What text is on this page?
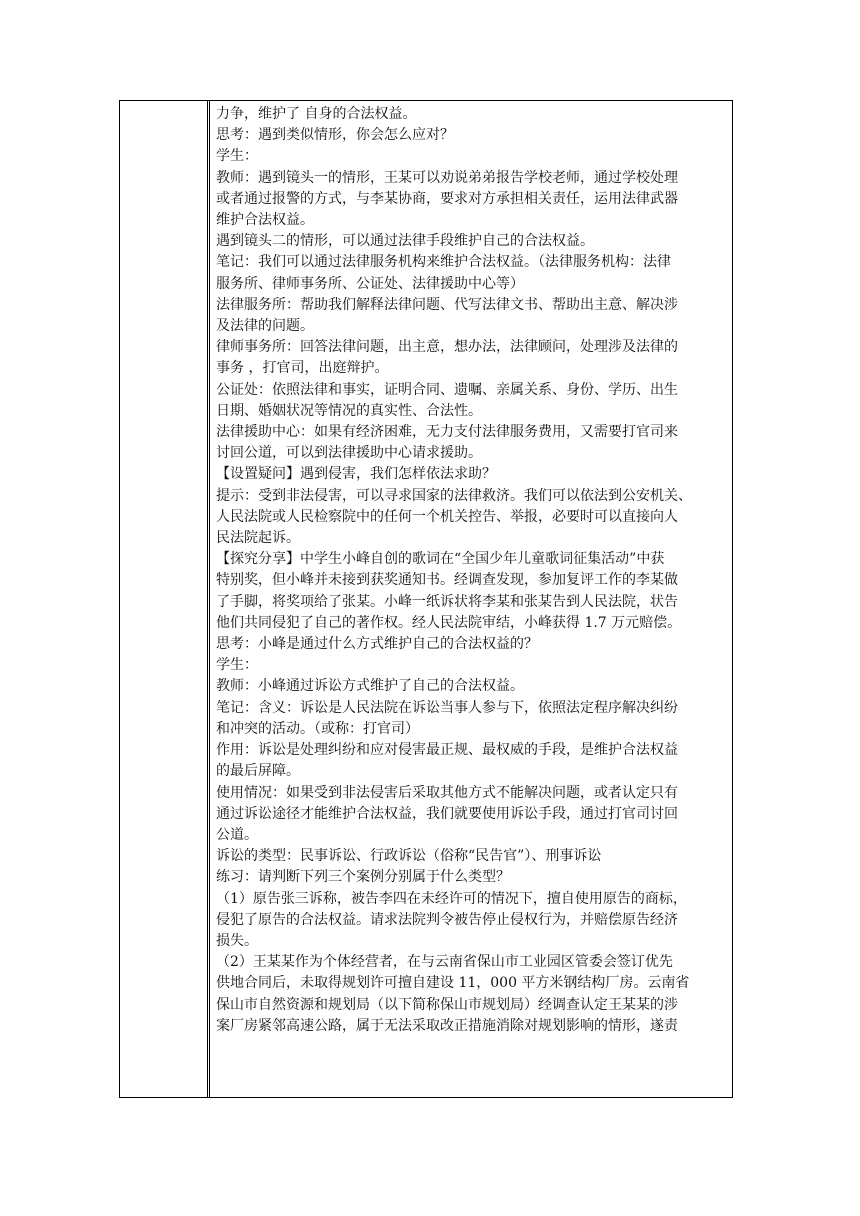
力争，维护了 自身的合法权益。

思考：遇到类似情形，你会怎么应对？

学生：

教师：遇到镜头一的情形，王某可以劝说弟弟报告学校老师，通过学校处理

或者通过报警的方式，与李某协商，要求对方承担相关责任，运用法律武器

维护合法权益。

遇到镜头二的情形，可以通过法律手段维护自己的合法权益。

笔记：我们可以通过法律服务机构来维护合法权益。（法律服务机构：法律

服务所、律师事务所、公证处、法律援助中心等）

法律服务所：帮助我们解释法律问题、代写法律文书、帮助出主意、解决涉

及法律的问题。

律师事务所：回答法律问题，出主意，想办法，法律顾问，处理涉及法律的

事务 ，打官司，出庭辩护。

公证处：依照法律和事实，证明合同、遗嘱、亲属关系、身份、学历、出生

日期、婚姻状况等情况的真实性、合法性。

法律援助中心：如果有经济困难，无力支付法律服务费用，又需要打官司来

讨回公道，可以到法律援助中心请求援助。

【设置疑问】遇到侵害，我们怎样依法求助？

提示：受到非法侵害，可以寻求国家的法律救济。我们可以依法到公安机关、

人民法院或人民检察院中的任何一个机关控告、举报，必要时可以直接向人

民法院起诉。

【探究分享】中学生小峰自创的歌词在“全国少年儿童歌词征集活动”中获

特别奖，但小峰并未接到获奖通知书。经调查发现，参加复评工作的李某做

了手脚，将奖项给了张某。小峰一纸诉状将李某和张某告到人民法院，状告

他们共同侵犯了自己的著作权。经人民法院审结，小峰获得 1.7 万元赔偿。

思考：小峰是通过什么方式维护自己的合法权益的？

学生：

教师：小峰通过诉讼方式维护了自己的合法权益。

笔记：含义：诉讼是人民法院在诉讼当事人参与下，依照法定程序解决纠纷

和冲突的活动。（或称：打官司）

作用：诉讼是处理纠纷和应对侵害最正规、最权威的手段，是维护合法权益

的最后屏障。

使用情况：如果受到非法侵害后采取其他方式不能解决问题，或者认定只有

通过诉讼途径才能维护合法权益，我们就要使用诉讼手段，通过打官司讨回

公道。

诉讼的类型：民事诉讼、行政诉讼（俗称“民告官”）、刑事诉讼

练习：请判断下列三个案例分别属于什么类型？

（1）原告张三诉称，被告李四在未经许可的情况下，擅自使用原告的商标，

侵犯了原告的合法权益。请求法院判令被告停止侵权行为，并赔偿原告经济

损失。

（2）王某某作为个体经营者，在与云南省保山市工业园区管委会签订优先

供地合同后，未取得规划许可擅自建设 11，000 平方米钢结构厂房。云南省

保山市自然资源和规划局（以下简称保山市规划局）经调查认定王某某的涉

案厂房紧邻高速公路，属于无法采取改正措施消除对规划影响的情形，遂责
